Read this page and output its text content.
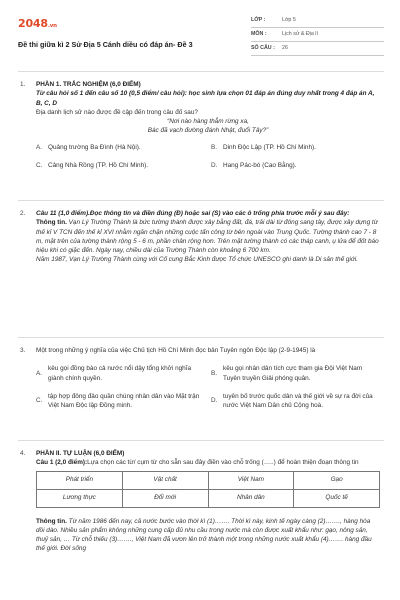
2048.vn
Đề thi giữa kì 2 Sử Địa 5 Cánh diều có đáp án- Đề 3
LỚP :	Lớp 5
MÔN :	Lịch sử & Địa lí
SỐ CÂU :	26
1. PHẦN 1. TRẮC NGHIỆM (6,0 ĐIỂM)
Từ câu hỏi số 1 đến câu số 10 (0,5 điểm/ câu hỏi): học sinh lựa chọn 01 đáp án đúng duy nhất trong 4 đáp án A, B, C, D
Địa danh lịch sử nào được đề cập đến trong câu đố sau?
“Nơi nào hàng thẳm rừng xa,
Bác đã vạch đường đánh Nhật, đuổi Tây?”
A. Quảng trường Ba Đình (Hà Nội).	B. Dinh Độc Lập (TP. Hồ Chí Minh).
C. Cảng Nhà Rồng (TP. Hồ Chí Minh).	D. Hang Pác-bó (Cao Bằng).
2. Câu 11 (1,0 điểm).Đọc thông tin và điền đúng (Đ) hoặc sai (S) vào các ô trống phía trước mỗi ý sau đây:
Thông tin. Vạn Lý Trường Thành là bức tường thành được xây bằng đất, đá, trải dài từ đông sang tây, được xây dựng từ thế kỉ V TCN đến thế kỉ XVI nhằm ngăn chặn những cuộc tấn công từ bên ngoài vào Trung Quốc. Tường thành cao 7 - 8 m, mặt trên của tường thành rộng 5 - 6 m, phần chân rộng hơn. Trên mặt tường thành có các tháp canh, ụ lửa để đốt báo hiệu khi có giặc đến. Ngày nay, chiều dài của Trường Thành còn khoảng 6 700 km.
Năm 1987, Vạn Lý Trường Thành cùng với Cố cung Bắc Kinh được Tổ chức UNESCO ghi danh là Di sản thế giới.
3. Một trong những ý nghĩa của việc Chủ tịch Hồ Chí Minh đọc bản Tuyên ngôn Độc lập (2-9-1945) là
A.
kêu gọi đồng bào cả nước nổi dậy tổng khởi nghĩa giành chính quyền.
B.
kêu gọi nhân dân tích cực tham gia Đội Việt Nam Tuyên truyền Giải phóng quân.
C.
tập hợp đông đảo quần chúng nhân dân vào Mặt trận Việt Nam Độc lập Đồng minh.
D.
tuyên bố trước quốc dân và thế giới về sự ra đời của nước Việt Nam Dân chủ Cộng hoà.
4. PHẦN II. TỰ LUẬN (6,0 ĐIỂM)
Câu 1 (2,0 điểm):Lựa chọn các từ/ cụm từ cho sẵn sau đây điền vào chỗ trống (…..) để hoàn thiện đoạn thông tin
Phát triển	Vật chất	Việt Nam	Gạo
Lương thực	Đổi mới	Nhân dân	Quốc tế
Thông tin. Từ năm 1986 đến nay, cả nước bước vào thời kì (1)……. Thời kì này, kinh tế ngày càng (2)……., hàng hóa dồi dào. Nhiều sản phẩm không những cung cấp đủ nhu cầu trong nước mà còn được xuất khẩu như: gạo, nông sản, thuỷ sản, … Từ chỗ thiếu (3)……., Việt Nam đã vươn lên trở thành một trong những nước xuất khẩu (4)……. hàng đầu thế giới. Đời sống
